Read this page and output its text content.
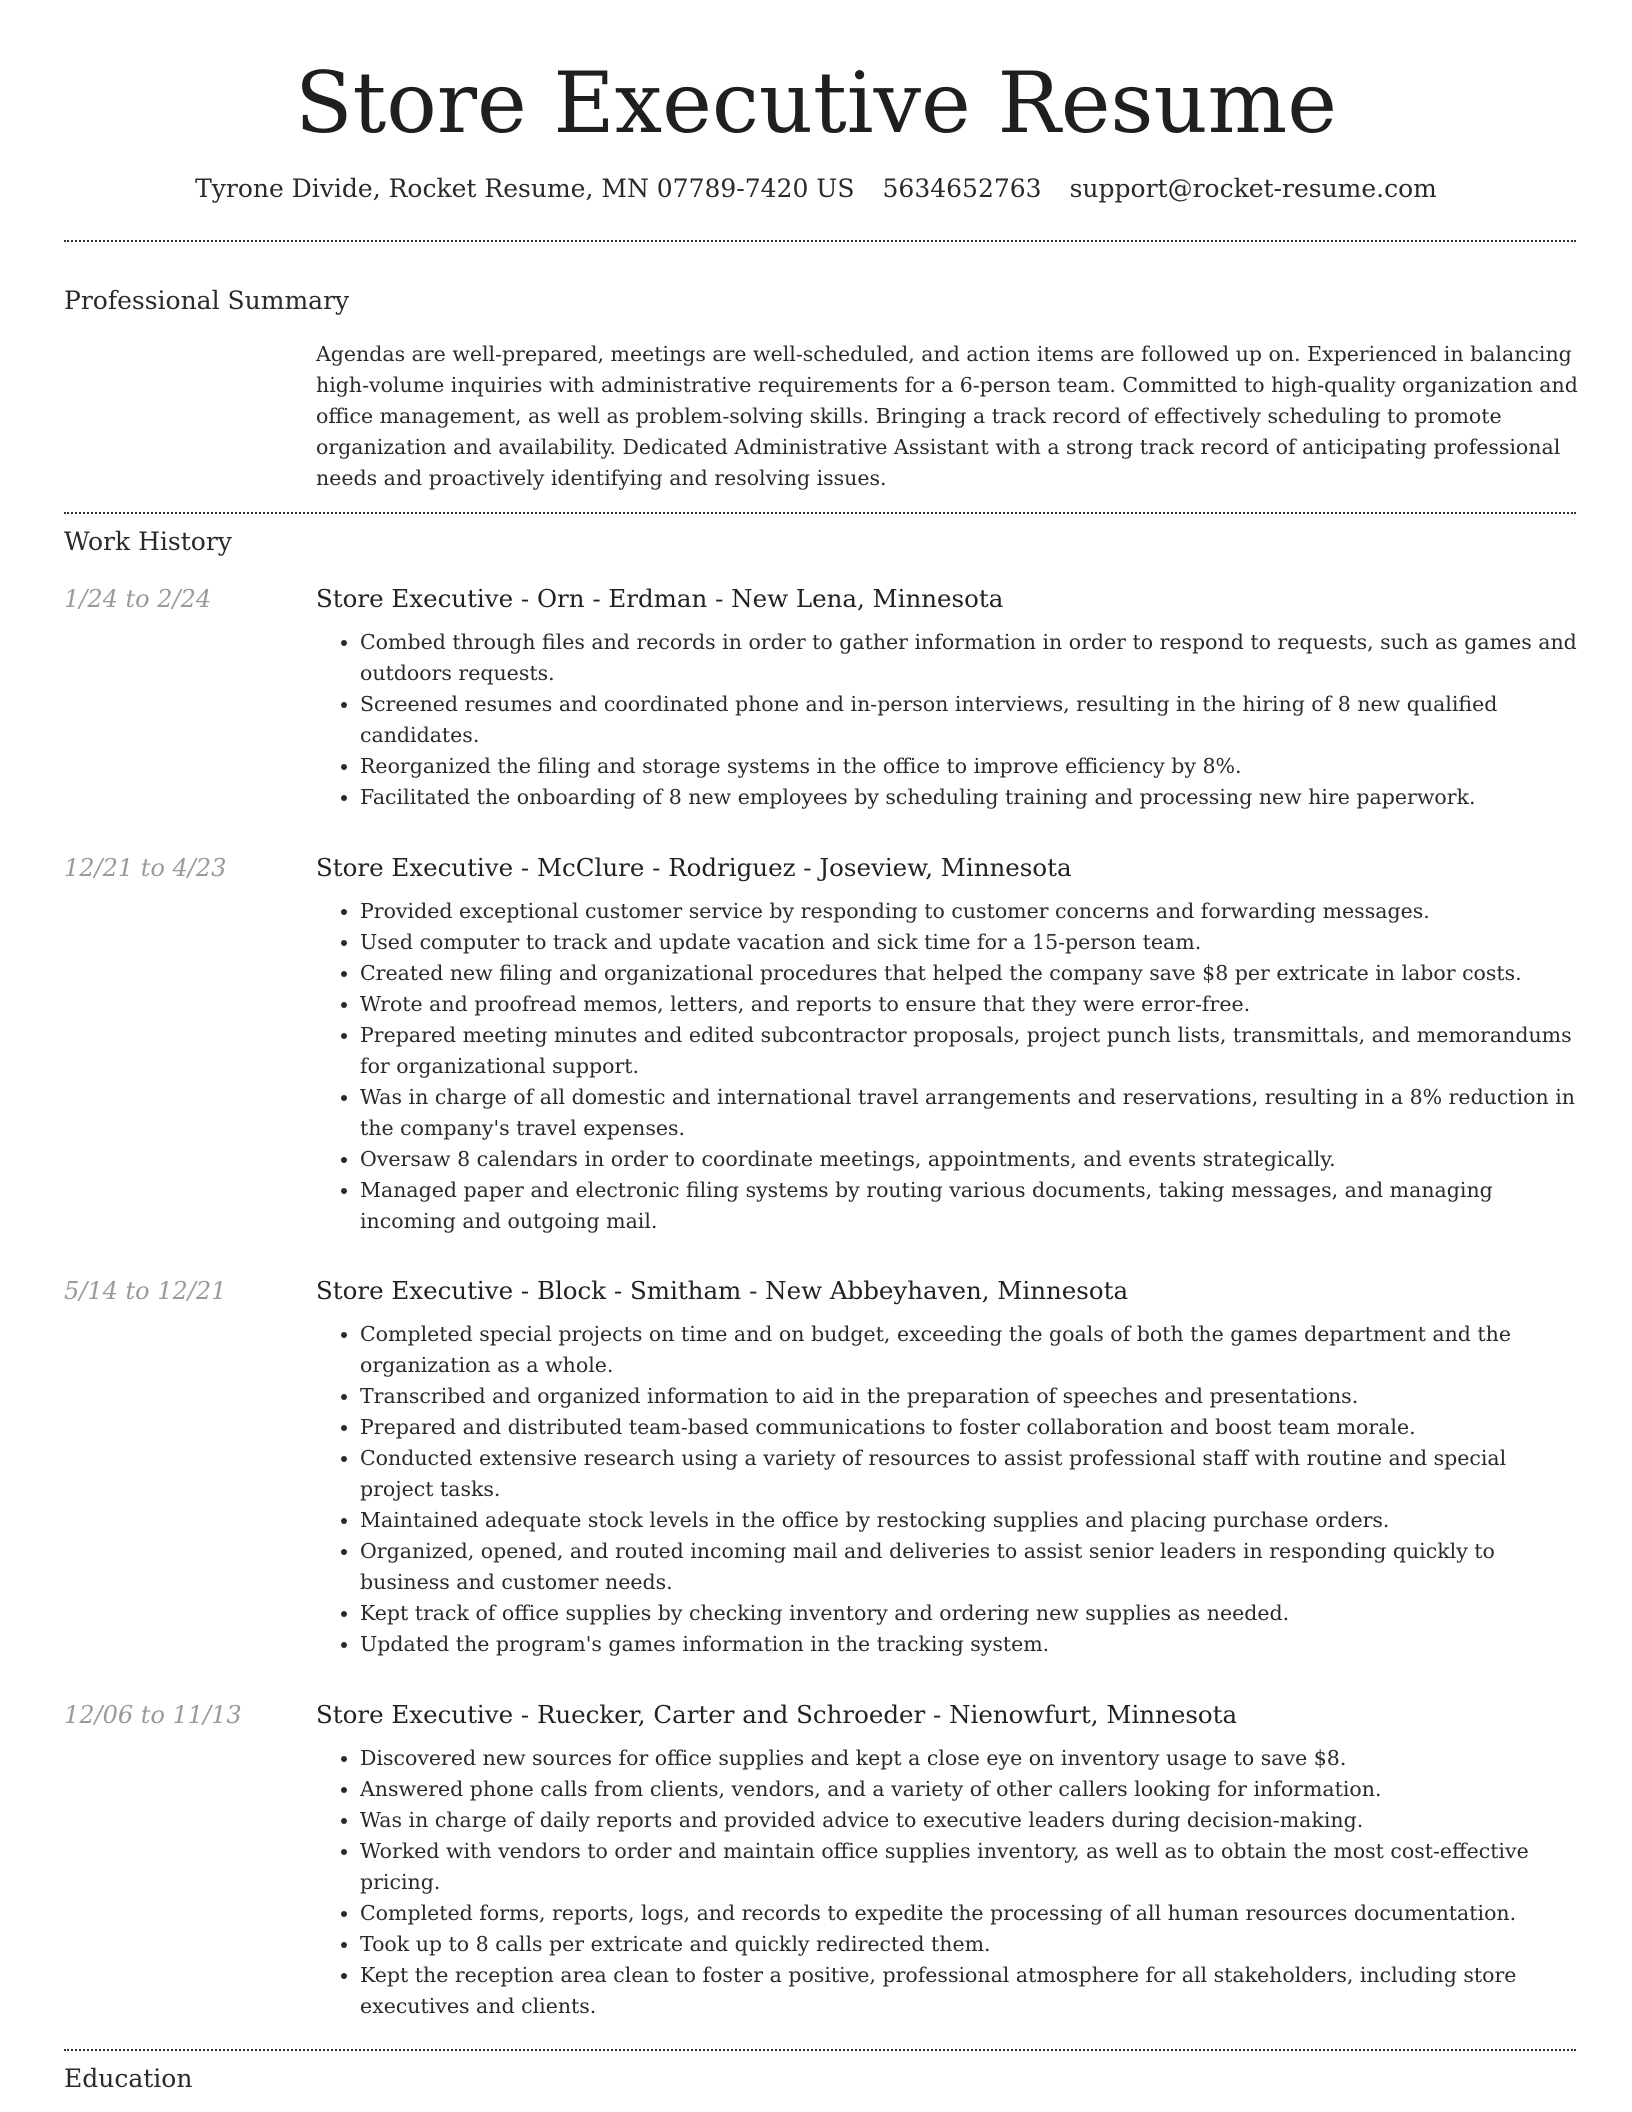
Store Executive Resume
Tyrone Divide, Rocket Resume, MN 07789-7420 US 5634652763 support@rocket-resume.com
Professional Summary

Agendas are well-prepared, meetings are well-scheduled, and action items are followed up on. Experienced in balancing high-volume inquiries with administrative requirements for a 6-person team. Committed to high-quality organization and office management, as well as problem-solving skills. Bringing a track record of effectively scheduling to promote organization and availability. Dedicated Administrative Assistant with a strong track record of anticipating professional needs and proactively identifying and resolving issues.

Work History
1/24 to 2/24	Store Executive - Orn - Erdman - New Lena, Minnesota
• Combed through files and records in order to gather information in order to respond to requests, such as games and outdoors requests.
• Screened resumes and coordinated phone and in-person interviews, resulting in the hiring of 8 new qualified candidates.
• Reorganized the filing and storage systems in the office to improve efficiency by 8%.
• Facilitated the onboarding of 8 new employees by scheduling training and processing new hire paperwork.
12/21 to 4/23	Store Executive - McClure - Rodriguez - Joseview, Minnesota
• Provided exceptional customer service by responding to customer concerns and forwarding messages.
• Used computer to track and update vacation and sick time for a 15-person team.
• Created new filing and organizational procedures that helped the company save $8 per extricate in labor costs.
• Wrote and proofread memos, letters, and reports to ensure that they were error-free.
• Prepared meeting minutes and edited subcontractor proposals, project punch lists, transmittals, and memorandums for organizational support.
• Was in charge of all domestic and international travel arrangements and reservations, resulting in a 8% reduction in the company's travel expenses.
• Oversaw 8 calendars in order to coordinate meetings, appointments, and events strategically.
• Managed paper and electronic filing systems by routing various documents, taking messages, and managing incoming and outgoing mail.
5/14 to 12/21	Store Executive - Block - Smitham - New Abbeyhaven, Minnesota
• Completed special projects on time and on budget, exceeding the goals of both the games department and the organization as a whole.
• Transcribed and organized information to aid in the preparation of speeches and presentations.
• Prepared and distributed team-based communications to foster collaboration and boost team morale.
• Conducted extensive research using a variety of resources to assist professional staff with routine and special project tasks.
• Maintained adequate stock levels in the office by restocking supplies and placing purchase orders.
• Organized, opened, and routed incoming mail and deliveries to assist senior leaders in responding quickly to business and customer needs.
• Kept track of office supplies by checking inventory and ordering new supplies as needed.
• Updated the program's games information in the tracking system.
12/06 to 11/13	Store Executive - Ruecker, Carter and Schroeder - Nienowfurt, Minnesota
• Discovered new sources for office supplies and kept a close eye on inventory usage to save $8.
• Answered phone calls from clients, vendors, and a variety of other callers looking for information.
• Was in charge of daily reports and provided advice to executive leaders during decision-making.
• Worked with vendors to order and maintain office supplies inventory, as well as to obtain the most cost-effective pricing.
• Completed forms, reports, logs, and records to expedite the processing of all human resources documentation.
• Took up to 8 calls per extricate and quickly redirected them.
• Kept the reception area clean to foster a positive, professional atmosphere for all stakeholders, including store executives and clients.
Education
